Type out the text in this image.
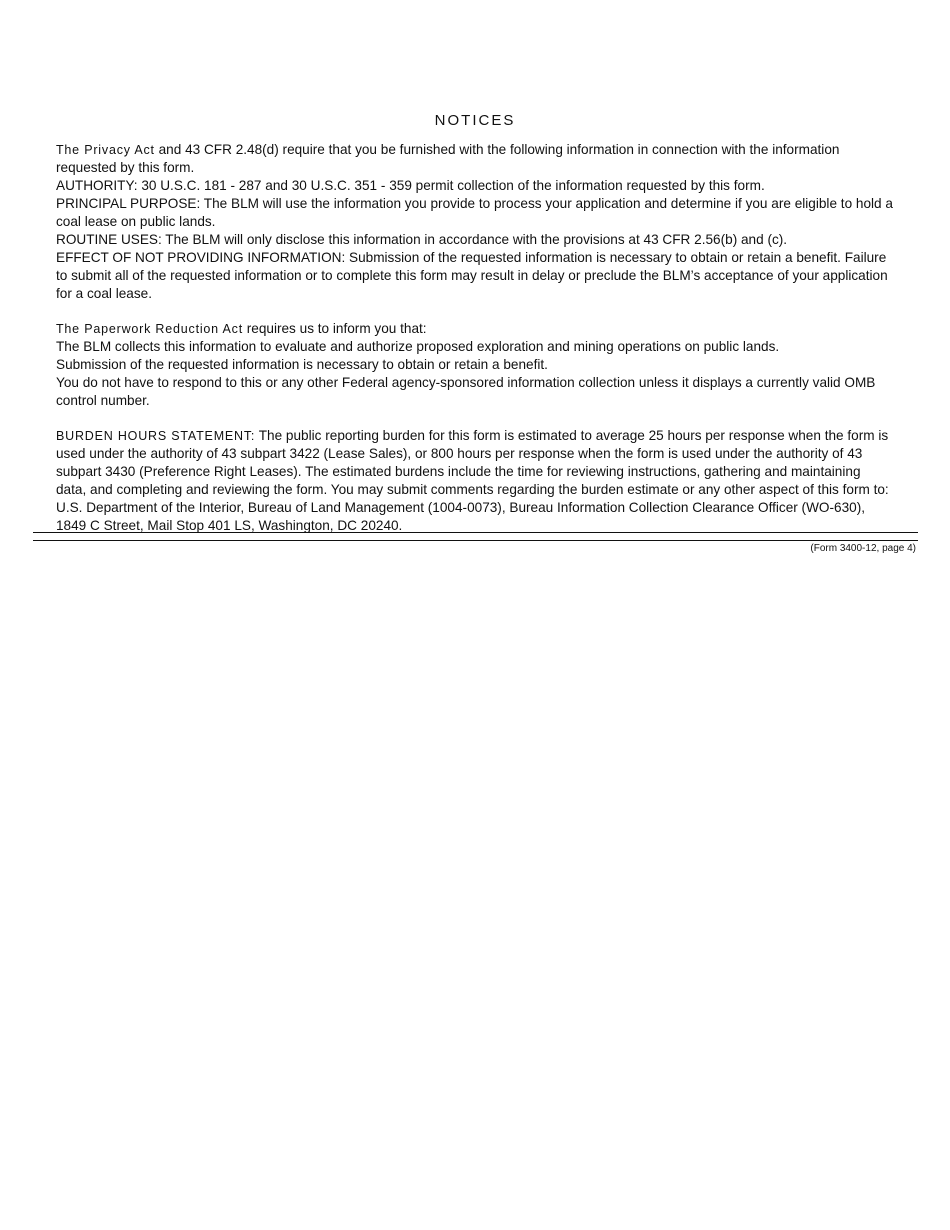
NOTICES

The Privacy Act and 43 CFR 2.48(d) require that you be furnished with the following information in connection with the information requested by this form.

AUTHORITY: 30 U.S.C. 181 - 287 and 30 U.S.C. 351 - 359 permit collection of the information requested by this form.

PRINCIPAL PURPOSE: The BLM will use the information you provide to process your application and determine if you are eligible to hold a coal lease on public lands.

ROUTINE USES: The BLM will only disclose this information in accordance with the provisions at 43 CFR 2.56(b) and (c).

EFFECT OF NOT PROVIDING INFORMATION: Submission of the requested information is necessary to obtain or retain a benefit. Failure to submit all of the requested information or to complete this form may result in delay or preclude the BLM’s acceptance of your application for a coal lease.

The Paperwork Reduction Act requires us to inform you that:

The BLM collects this information to evaluate and authorize proposed exploration and mining operations on public lands.

Submission of the requested information is necessary to obtain or retain a benefit.

You do not have to respond to this or any other Federal agency-sponsored information collection unless it displays a currently valid OMB control number.

BURDEN HOURS STATEMENT: The public reporting burden for this form is estimated to average 25 hours per response when the form is used under the authority of 43 subpart 3422 (Lease Sales), or 800 hours per response when the form is used under the authority of 43 subpart 3430 (Preference Right Leases). The estimated burdens include the time for reviewing instructions, gathering and maintaining data, and completing and reviewing the form. You may submit comments regarding the burden estimate or any other aspect of this form to: U.S. Department of the Interior, Bureau of Land Management (1004-0073), Bureau Information Collection Clearance Officer (WO-630), 1849 C Street, Mail Stop 401 LS, Washington, DC 20240.

(Form 3400-12, page 4)
